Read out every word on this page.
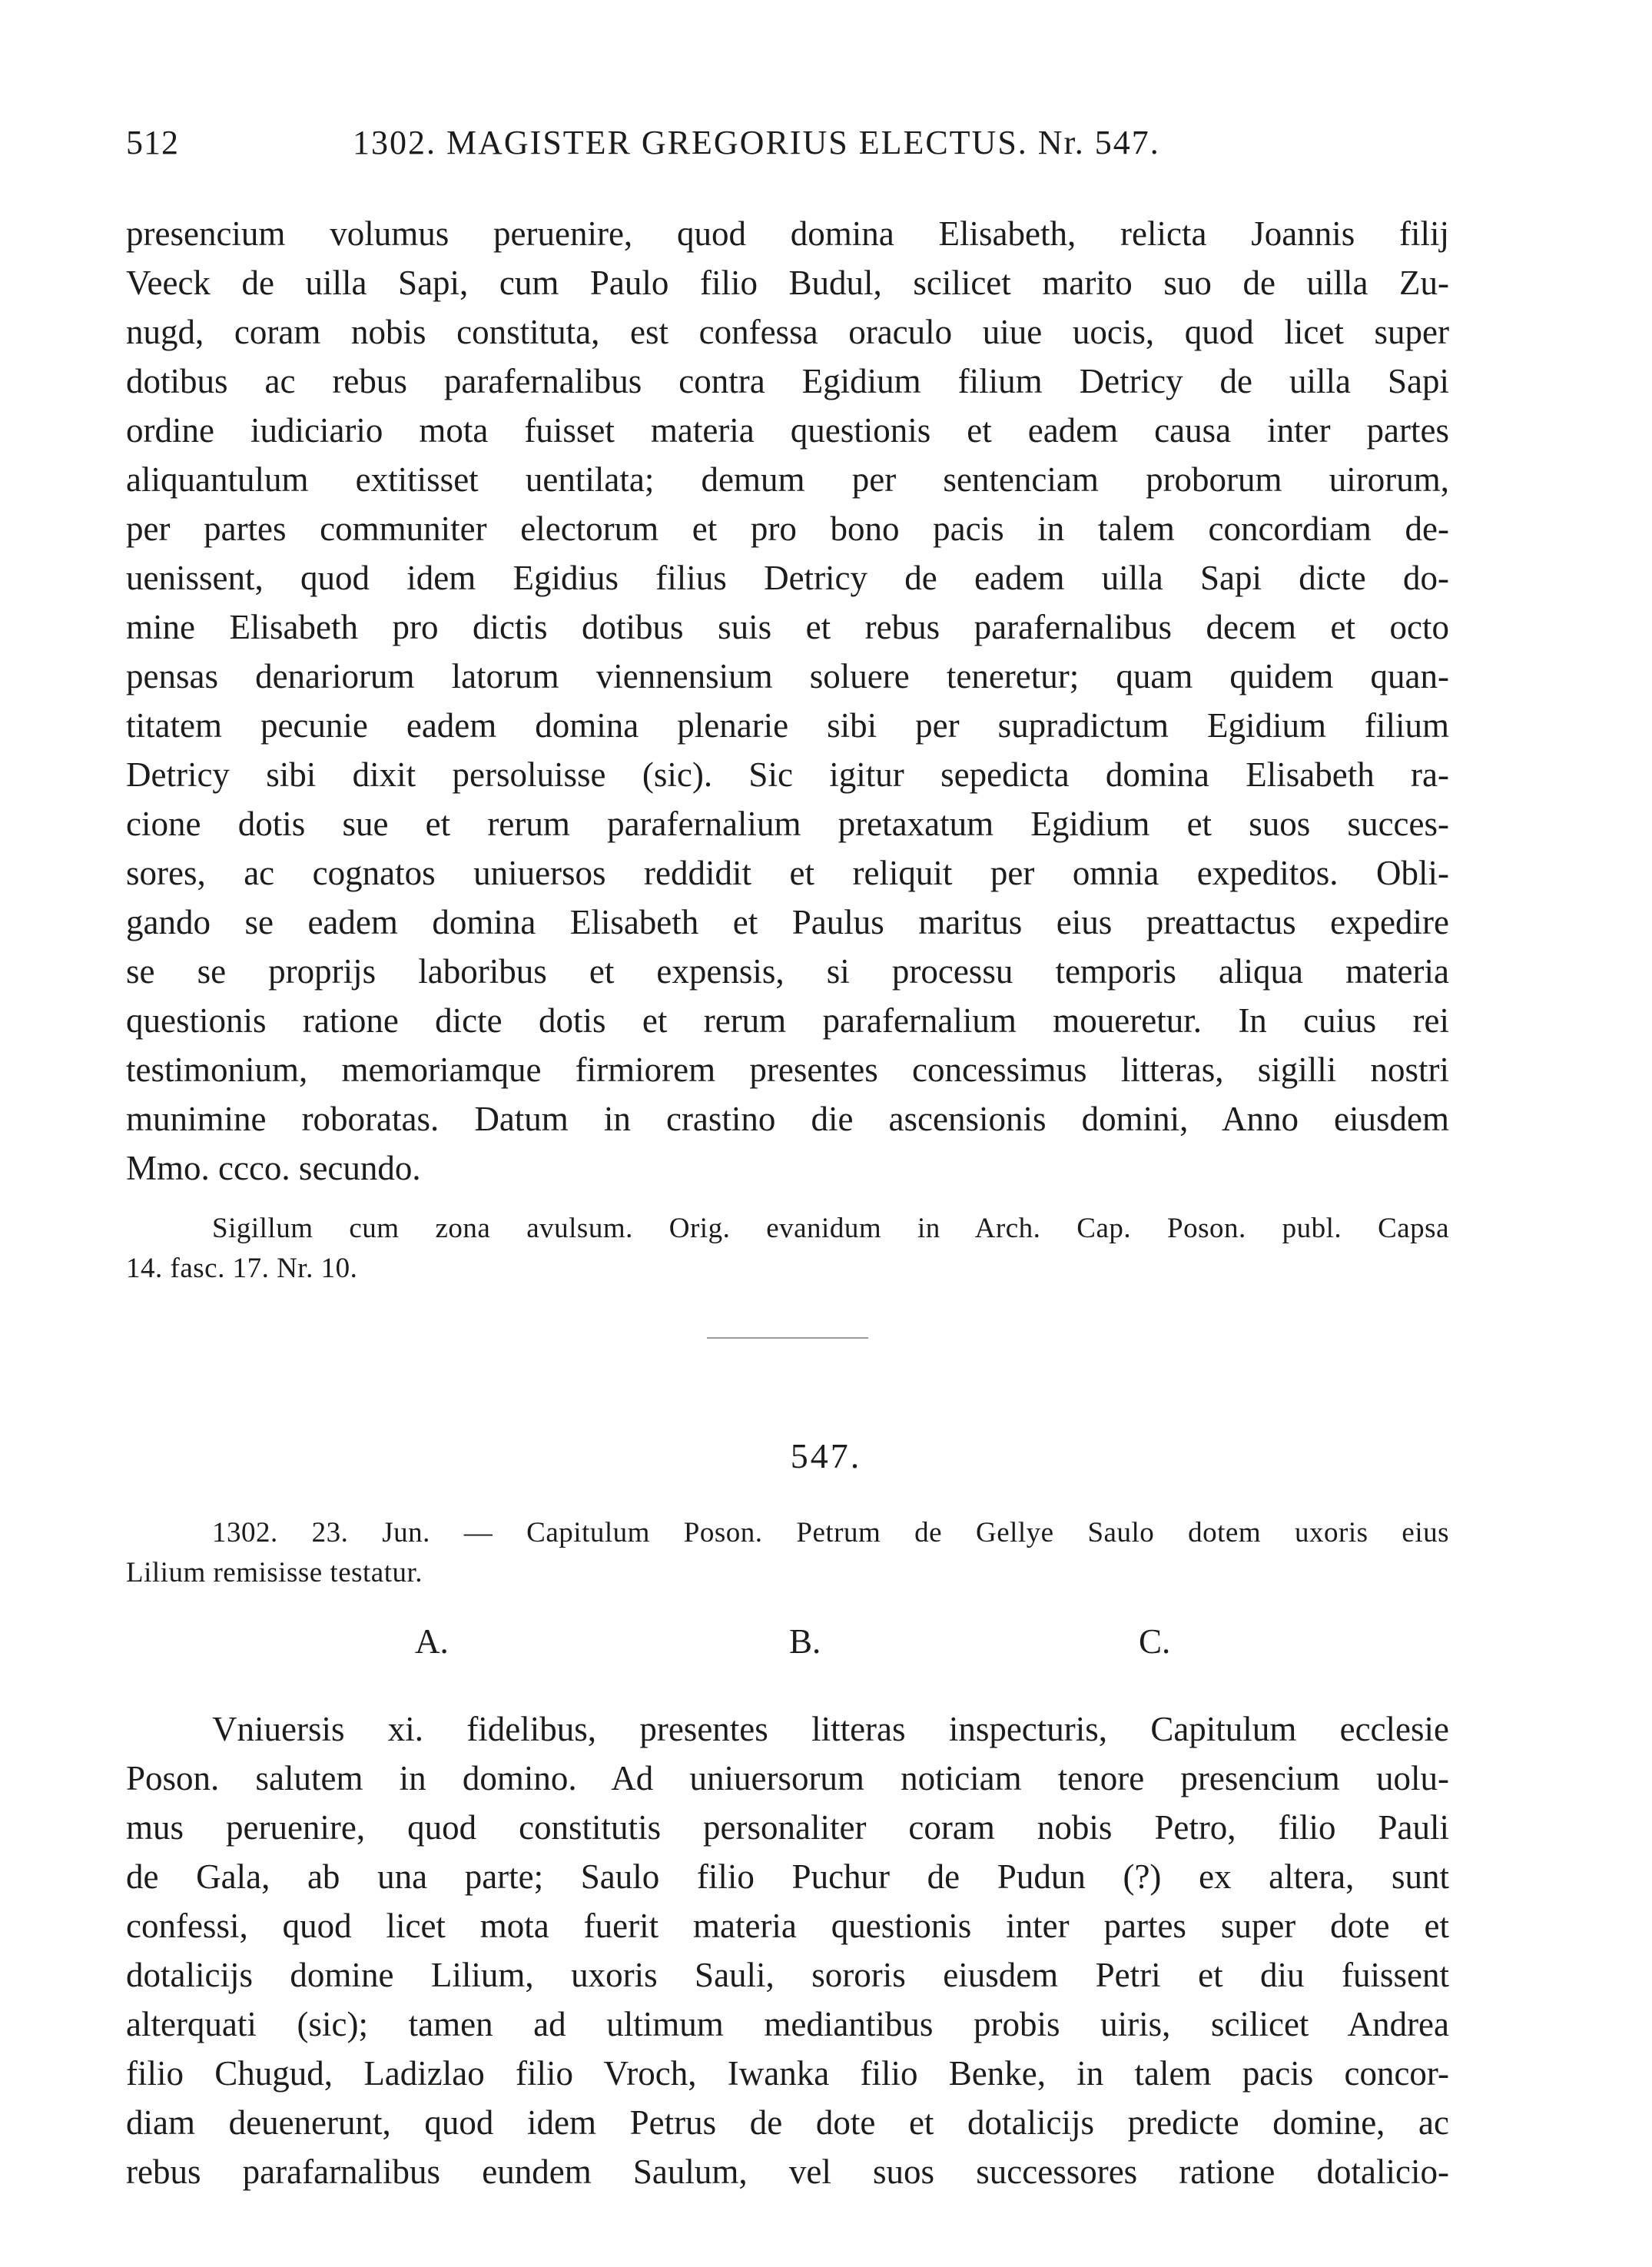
512	1302. MAGISTER GREGORIUS ELECTUS. Nr. 547.
presencium volumus peruenire, quod domina Elisabeth, relicta Joannis filij
Veeck de uilla Sapi, cum Paulo filio Budul, scilicet marito suo de uilla Zu-
nugd, coram nobis constituta, est confessa oraculo uiue uocis, quod licet super
dotibus ac rebus parafernalibus contra Egidium filium Detricy de uilla Sapi
ordine iudiciario mota fuisset materia questionis et eadem causa inter partes
aliquantulum extitisset uentilata; demum per sentenciam proborum uirorum,
per partes communiter electorum et pro bono pacis in talem concordiam de-
uenissent, quod idem Egidius filius Detricy de eadem uilla Sapi dicte do-
mine Elisabeth pro dictis dotibus suis et rebus parafernalibus decem et octo
pensas denariorum latorum viennensium soluere teneretur; quam quidem quan-
titatem pecunie eadem domina plenarie sibi per supradictum Egidium filium
Detricy sibi dixit persoluisse (sic). Sic igitur sepedicta domina Elisabeth ra-
cione dotis sue et rerum parafernalium pretaxatum Egidium et suos succes-
sores, ac cognatos uniuersos reddidit et reliquit per omnia expeditos. Obli-
gando se eadem domina Elisabeth et Paulus maritus eius preattactus expedire
se se proprijs laboribus et expensis, si processu temporis aliqua materia
questionis ratione dicte dotis et rerum parafernalium moueretur. In cuius rei
testimonium, memoriamque firmiorem presentes concessimus litteras, sigilli nostri
munimine roboratas. Datum in crastino die ascensionis domini, Anno eiusdem
Mmo. ccco. secundo.
Sigillum cum zona avulsum. Orig. evanidum in Arch. Cap. Poson. publ. Capsa
14. fasc. 17. Nr. 10.
547.
1302. 23. Jun. — Capitulum Poson. Petrum de Gellye Saulo dotem uxoris eius
Lilium remisisse testatur.
A.	B.	C.
Vniuersis xi. fidelibus, presentes litteras inspecturis, Capitulum ecclesie
Poson. salutem in domino. Ad uniuersorum noticiam tenore presencium uolu-
mus peruenire, quod constitutis personaliter coram nobis Petro, filio Pauli
de Gala, ab una parte; Saulo filio Puchur de Pudun (?) ex altera, sunt
confessi, quod licet mota fuerit materia questionis inter partes super dote et
dotalicijs domine Lilium, uxoris Sauli, sororis eiusdem Petri et diu fuissent
alterquati (sic); tamen ad ultimum mediantibus probis uiris, scilicet Andrea
filio Chugud, Ladizlao filio Vroch, Iwanka filio Benke, in talem pacis concor-
diam deuenerunt, quod idem Petrus de dote et dotalicijs predicte domine, ac
rebus parafarnalibus eundem Saulum, vel suos successores ratione dotalicio-
